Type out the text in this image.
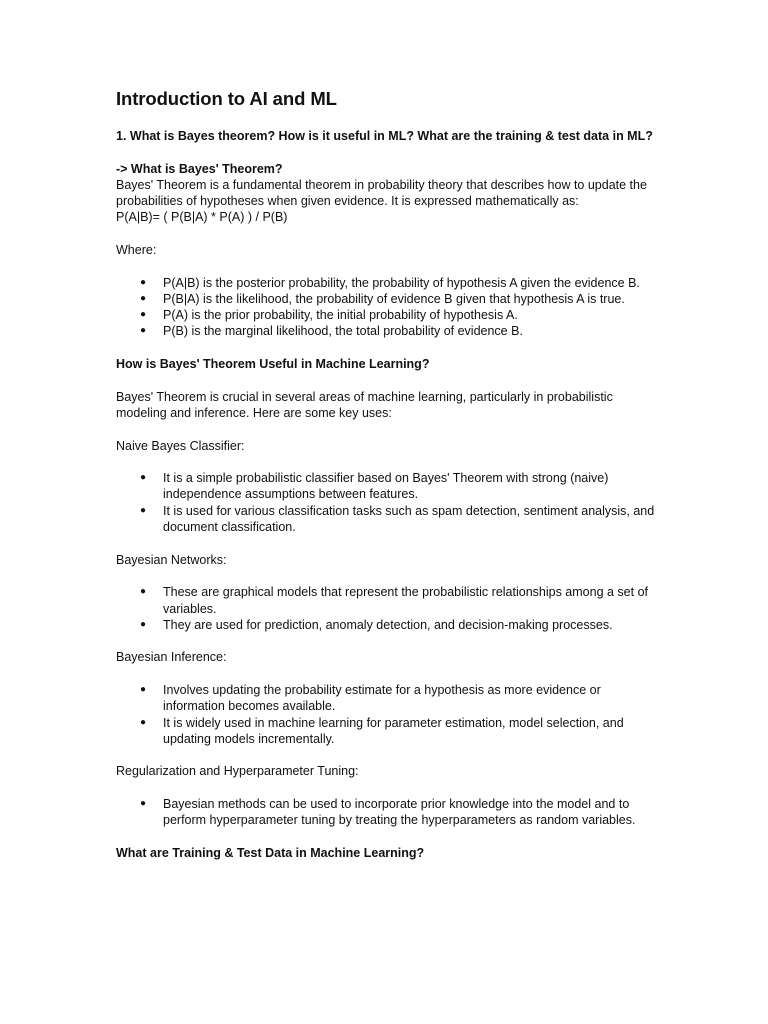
Introduction to AI and ML

1. What is Bayes theorem? How is it useful in ML? What are the training & test data in ML?

-> What is Bayes' Theorem?

Bayes' Theorem is a fundamental theorem in probability theory that describes how to update the probabilities of hypotheses when given evidence. It is expressed mathematically as:

P(A|B)= ( P(B|A) * P(A) ) / P(B)

Where:

● P(A|B) is the posterior probability, the probability of hypothesis A given the evidence B.
● P(B|A) is the likelihood, the probability of evidence B given that hypothesis A is true.
● P(A) is the prior probability, the initial probability of hypothesis A.
● P(B) is the marginal likelihood, the total probability of evidence B.

How is Bayes' Theorem Useful in Machine Learning?

Bayes' Theorem is crucial in several areas of machine learning, particularly in probabilistic modeling and inference. Here are some key uses:

Naive Bayes Classifier:

● It is a simple probabilistic classifier based on Bayes' Theorem with strong (naive) independence assumptions between features.
● It is used for various classification tasks such as spam detection, sentiment analysis, and document classification.

Bayesian Networks:

● These are graphical models that represent the probabilistic relationships among a set of variables.
● They are used for prediction, anomaly detection, and decision-making processes.

Bayesian Inference:

● Involves updating the probability estimate for a hypothesis as more evidence or information becomes available.
● It is widely used in machine learning for parameter estimation, model selection, and updating models incrementally.

Regularization and Hyperparameter Tuning:

● Bayesian methods can be used to incorporate prior knowledge into the model and to perform hyperparameter tuning by treating the hyperparameters as random variables.

What are Training & Test Data in Machine Learning?
